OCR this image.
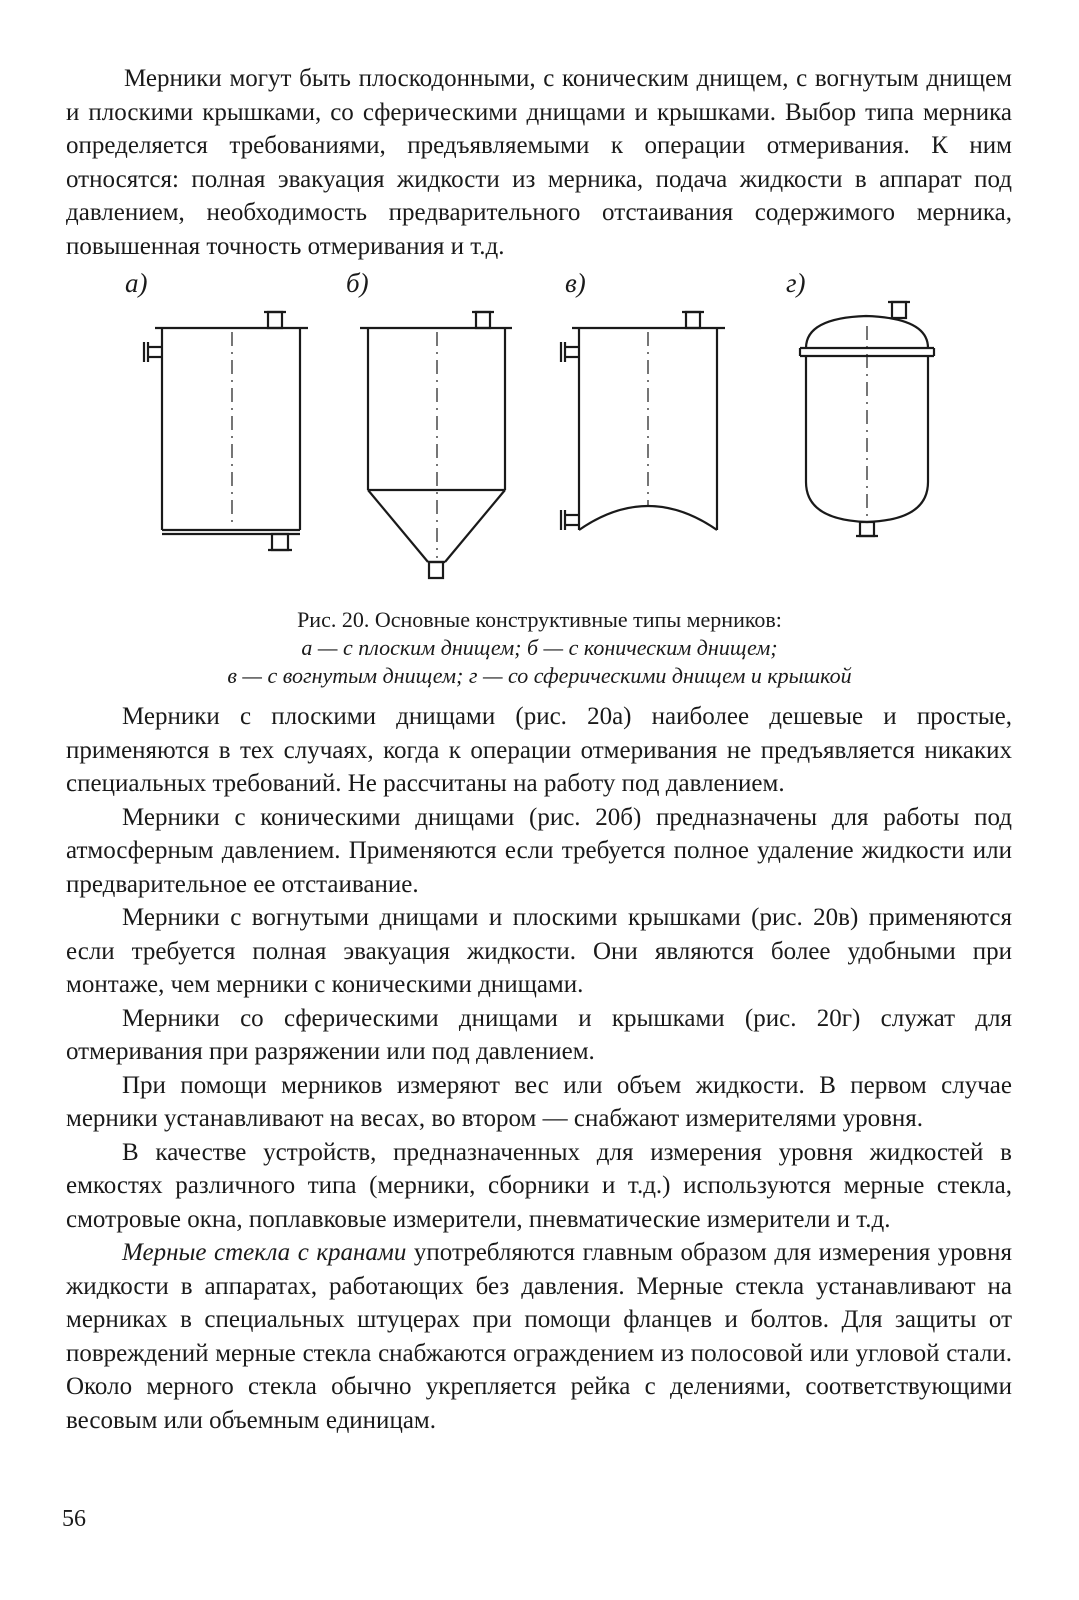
Мерники могут быть плоскодонными, с коническим днищем, с вогнутым днищем и плоскими крышками, со сферическими днищами и крышками. Выбор типа мерника определяется требованиями, предъявляемыми к операции отмеривания. К ним относятся: полная эвакуация жидкости из мерника, подача жидкости в аппарат под давлением, необходимость предварительного отстаивания содержимого мерника, повышенная точность отмеривания и т.д.

а)	б)	в)	г)
Рис. 20. Основные конструктивные типы мерников:
а — с плоским днищем; б — с коническим днищем;
в — с вогнутым днищем; г — со сферическими днищем и крышкой

Мерники с плоскими днищами (рис. 20а) наиболее дешевые и простые, применяются в тех случаях, когда к операции отмеривания не предъявляется никаких специальных требований. Не рассчитаны на работу под давлением.

Мерники с коническими днищами (рис. 20б) предназначены для работы под атмосферным давлением. Применяются если требуется полное удаление жидкости или предварительное ее отстаивание.

Мерники с вогнутыми днищами и плоскими крышками (рис. 20в) применяются если требуется полная эвакуация жидкости. Они являются более удобными при монтаже, чем мерники с коническими днищами.

Мерники со сферическими днищами и крышками (рис. 20г) служат для отмеривания при разряжении или под давлением.

При помощи мерников измеряют вес или объем жидкости. В первом случае мерники устанавливают на весах, во втором — снабжают измерителями уровня.

В качестве устройств, предназначенных для измерения уровня жидкостей в емкостях различного типа (мерники, сборники и т.д.) используются мерные стекла, смотровые окна, поплавковые измерители, пневматические измерители и т.д.

Мерные стекла с кранами употребляются главным образом для измерения уровня жидкости в аппаратах, работающих без давления. Мерные стекла устанавливают на мерниках в специальных штуцерах при помощи фланцев и болтов. Для защиты от повреждений мерные стекла снабжаются ограждением из полосовой или угловой стали. Около мерного стекла обычно укрепляется рейка с делениями, соответствующими весовым или объемным единицам.

56
